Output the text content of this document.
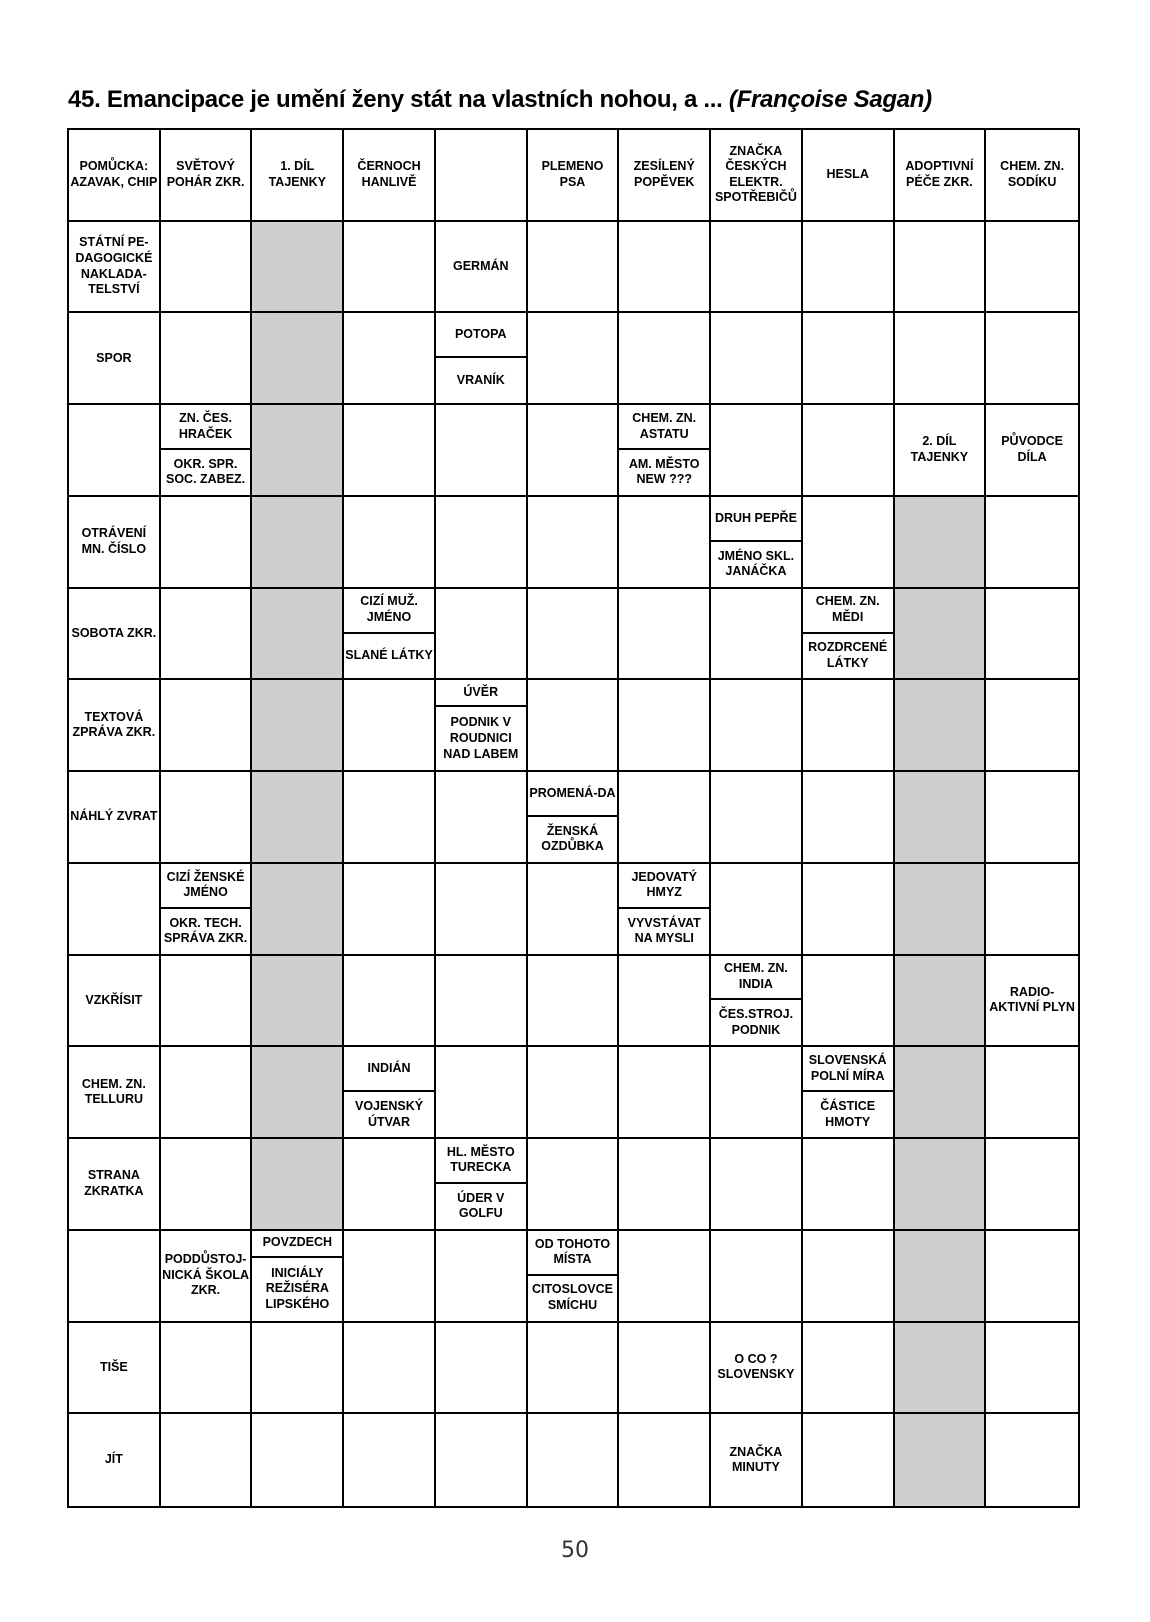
45. Emancipace je umění ženy stát na vlastních nohou, a ... (Françoise Sagan)
POMŮCKA: AZAVAK, CHIP
SVĚTOVÝ POHÁR ZKR.
1. DÍL TAJENKY
ČERNOCH HANLIVĚ
PLEMENO PSA
ZESÍLENÝ POPĚVEK
ZNAČKA ČESKÝCH ELEKTR. SPOTŘEBIČŮ
HESLA
ADOPTIVNÍ PÉČE ZKR.
CHEM. ZN. SODÍKU
STÁTNÍ PE-DAGOGICKÉ NAKLADA-TELSTVÍ
GERMÁN
SPOR
POTOPA
VRANÍK
ZN. ČES. HRAČEK
OKR. SPR. SOC. ZABEZ.
CHEM. ZN. ASTATU
AM. MĚSTO NEW ???
2. DÍL TAJENKY
PŮVODCE DÍLA
OTRÁVENÍ MN. ČÍSLO
DRUH PEPŘE
JMÉNO SKL. JANÁČKA
SOBOTA ZKR.
CIZÍ MUŽ. JMÉNO
SLANÉ LÁTKY
CHEM. ZN. MĚDI
ROZDRCENÉ LÁTKY
TEXTOVÁ ZPRÁVA ZKR.
ÚVĚR
PODNIK V ROUDNICI NAD LABEM
NÁHLÝ ZVRAT
PROMENÁ-DA
ŽENSKÁ OZDŮBKA
CIZÍ ŽENSKÉ JMÉNO
OKR. TECH. SPRÁVA ZKR.
JEDOVATÝ HMYZ
VYVSTÁVAT NA MYSLI
VZKŘÍSIT
CHEM. ZN. INDIA
ČES.STROJ. PODNIK
RADIO-AKTIVNÍ PLYN
CHEM. ZN. TELLURU
INDIÁN
VOJENSKÝ ÚTVAR
SLOVENSKÁ POLNÍ MÍRA
ČÁSTICE HMOTY
STRANA ZKRATKA
HL. MĚSTO TURECKA
ÚDER V GOLFU
PODDŮSTOJ-NICKÁ ŠKOLA ZKR.
POVZDECH
INICIÁLY REŽISÉRA LIPSKÉHO
OD TOHOTO MÍSTA
CITOSLOVCE SMÍCHU
TIŠE
O CO ? SLOVENSKY
JÍT
ZNAČKA MINUTY
50
